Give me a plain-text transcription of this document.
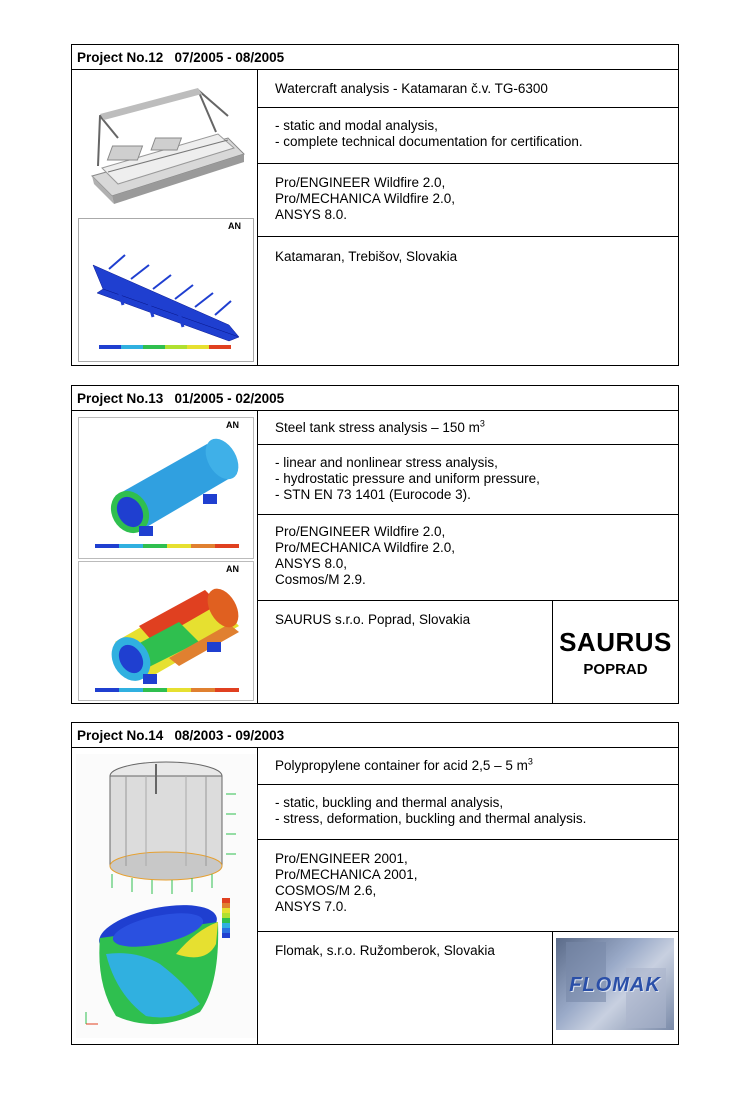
Project No.12   07/2005 - 08/2005
AN
Watercraft analysis - Katamaran č.v. TG-6300
- static and modal analysis,
- complete technical documentation for certification.
Pro/ENGINEER Wildfire 2.0,
Pro/MECHANICA Wildfire 2.0,
ANSYS 8.0.
Katamaran, Trebišov, Slovakia
Project No.13   01/2005 - 02/2005
AN
AN
Steel tank stress analysis – 150 $m^3$
- linear and nonlinear stress analysis,
- hydrostatic pressure and uniform pressure,
- STN EN 73 1401 (Eurocode 3).
Pro/ENGINEER Wildfire 2.0,
Pro/MECHANICA Wildfire 2.0,
ANSYS 8.0,
Cosmos/M 2.9.
SAURUS s.r.o. Poprad, Slovakia
SAURUS
POPRAD
Project No.14   08/2003 - 09/2003
Polypropylene container for acid 2,5 – 5 $m^3$
- static, buckling and thermal analysis,
- stress, deformation, buckling and thermal analysis.
Pro/ENGINEER 2001,
Pro/MECHANICA 2001,
COSMOS/M 2.6,
ANSYS 7.0.
Flomak, s.r.o. Ružomberok, Slovakia
FLOMAK
